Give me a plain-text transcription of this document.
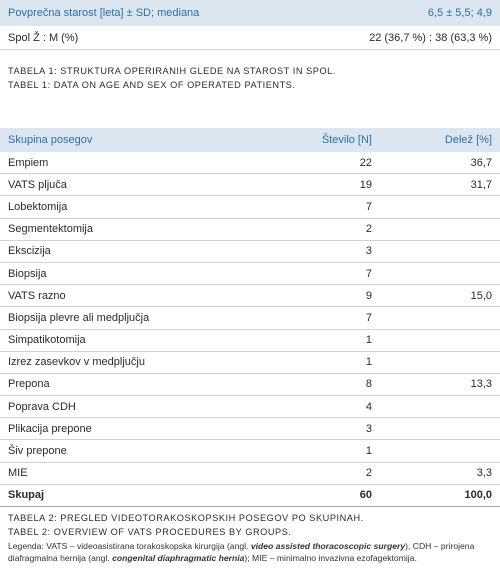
Povprečna starost [leta] ± SD; mediana	6,5 ± 5,5; 4,9
Spol Ž : M (%)	22 (36,7 %) : 38 (63,3 %)
TABELA 1: STRUKTURA OPERIRANIH GLEDE NA STAROST IN SPOL.
TABEL 1: DATA ON AGE AND SEX OF OPERATED PATIENTS.
Skupina posegov	Število [N]	Delež [%]
Empiem	22	36,7
VATS pljuča	19	31,7
Lobektomija	7
Segmentektomija	2
Ekscizija	3
Biopsija	7
VATS razno	9	15,0
Biopsija plevre ali medpljučja	7
Simpatikotomija	1
Izrez zasevkov v medpljučju	1
Prepona	8	13,3
Poprava CDH	4
Plikacija prepone	3
Šiv prepone	1
MIE	2	3,3
Skupaj	60	100,0
TABELA 2: PREGLED VIDEOTORAKOSKOPSKIH POSEGOV PO SKUPINAH.
TABEL 2: OVERVIEW OF VATS PROCEDURES BY GROUPS.
Legenda: VATS – videoasistirana torakoskopska kirurgija (angl. video assisted thoracoscopic surgery), CDH – prirojena diafragmalna hernija (angl. congenital diaphragmatic hernia); MIE – minimalno invazivna ezofagektomija.
